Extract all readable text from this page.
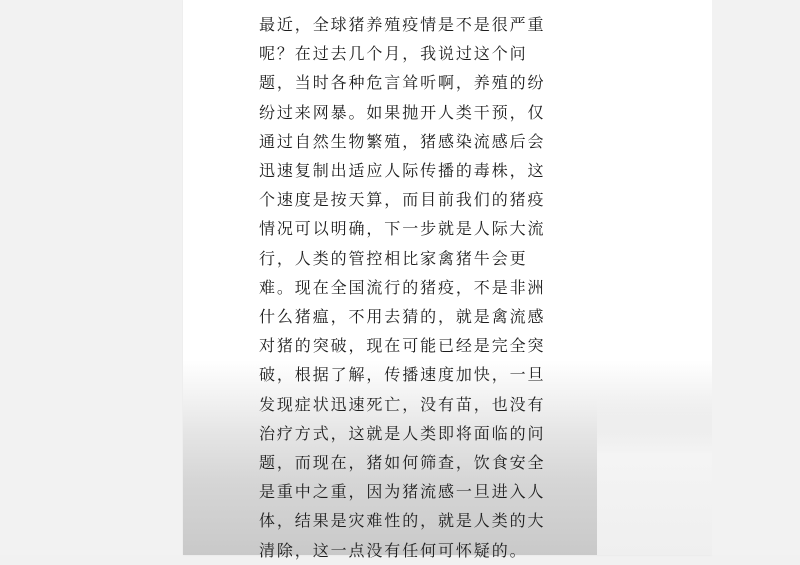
最近，全球猪养殖疫情是不是很严重
呢？在过去几个月，我说过这个问
题，当时各种危言耸听啊，养殖的纷
纷过来网暴。如果抛开人类干预，仅
通过自然生物繁殖，猪感染流感后会
迅速复制出适应人际传播的毒株，这
个速度是按天算，而目前我们的猪疫
情况可以明确，下一步就是人际大流
行，人类的管控相比家禽猪牛会更
难。现在全国流行的猪疫，不是非洲
什么猪瘟，不用去猜的，就是禽流感
对猪的突破，现在可能已经是完全突
破，根据了解，传播速度加快，一旦
发现症状迅速死亡，没有苗，也没有
治疗方式，这就是人类即将面临的问
题，而现在，猪如何筛查，饮食安全
是重中之重，因为猪流感一旦进入人
体，结果是灾难性的，就是人类的大
清除，这一点没有任何可怀疑的。
